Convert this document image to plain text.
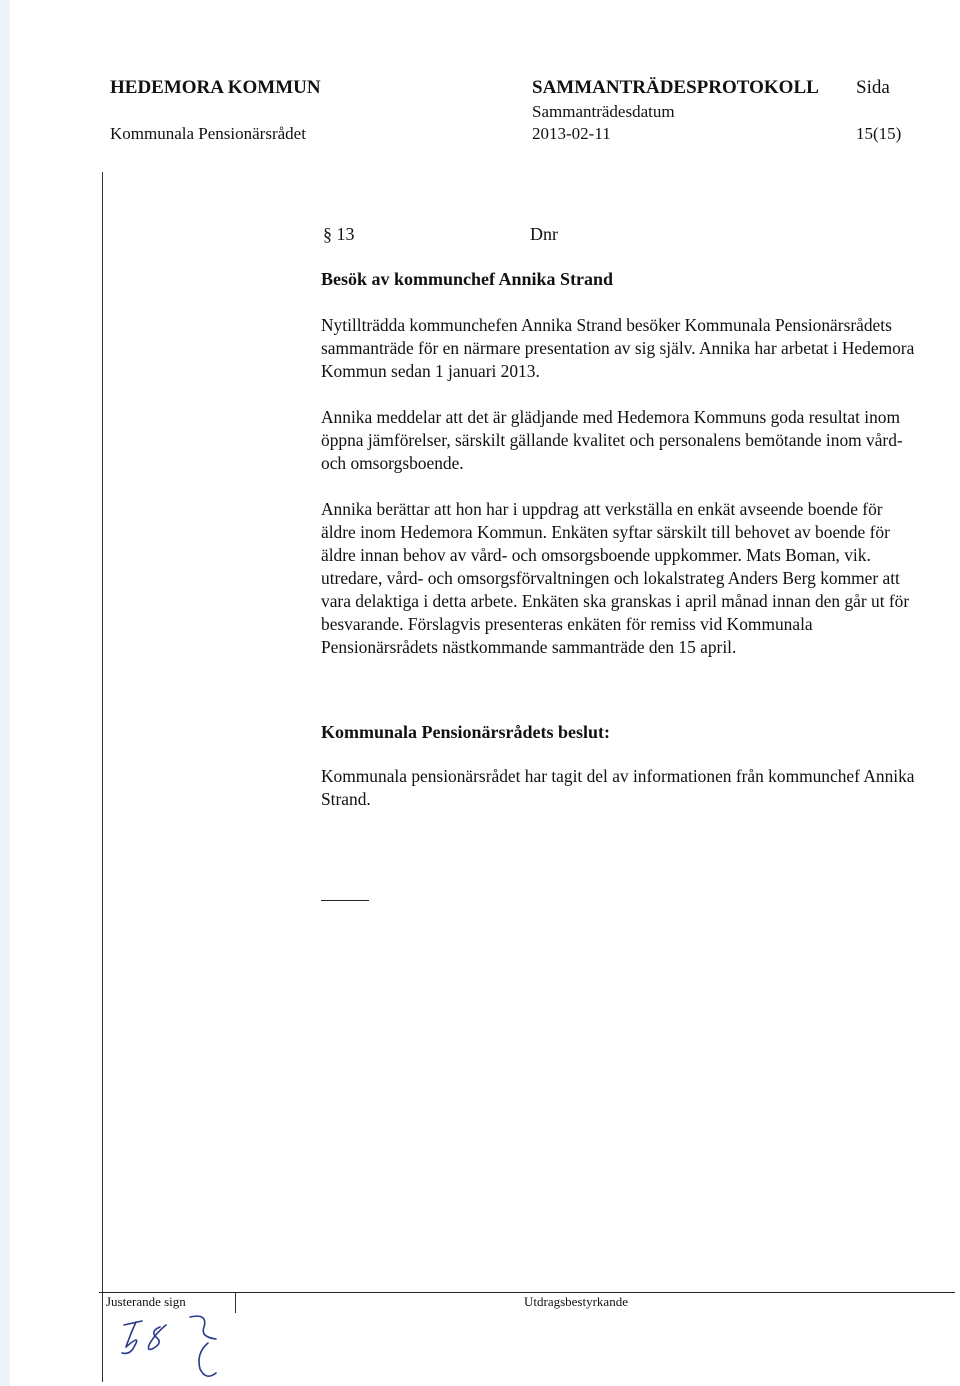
HEDEMORA KOMMUN
Kommunala Pensionärsrådet
SAMMANTRÄDESPROTOKOLL
Sammanträdesdatum
2013-02-11
Sida
15(15)
§ 13	Dnr

Besök av kommunchef Annika Strand

Nytillträdda kommunchefen Annika Strand besöker Kommunala Pensionärsrådets sammanträde för en närmare presentation av sig själv. Annika har arbetat i Hedemora Kommun sedan 1 januari 2013.

Annika meddelar att det är glädjande med Hedemora Kommuns goda resultat inom öppna jämförelser, särskilt gällande kvalitet och personalens bemötande inom vård- och omsorgsboende.

Annika berättar att hon har i uppdrag att verkställa en enkät avseende boende för äldre inom Hedemora Kommun. Enkäten syftar särskilt till behovet av boende för äldre innan behov av vård- och omsorgsboende uppkommer. Mats Boman, vik. utredare, vård- och omsorgsförvaltningen och lokalstrateg Anders Berg kommer att vara delaktiga i detta arbete. Enkäten ska granskas i april månad innan den går ut för besvarande. Förslagvis presenteras enkäten för remiss vid Kommunala Pensionärsrådets nästkommande sammanträde den 15 april.

Kommunala Pensionärsrådets beslut:

Kommunala pensionärsrådet har tagit del av informationen från kommunchef Annika Strand.

Justerande sign	Utdragsbestyrkande
